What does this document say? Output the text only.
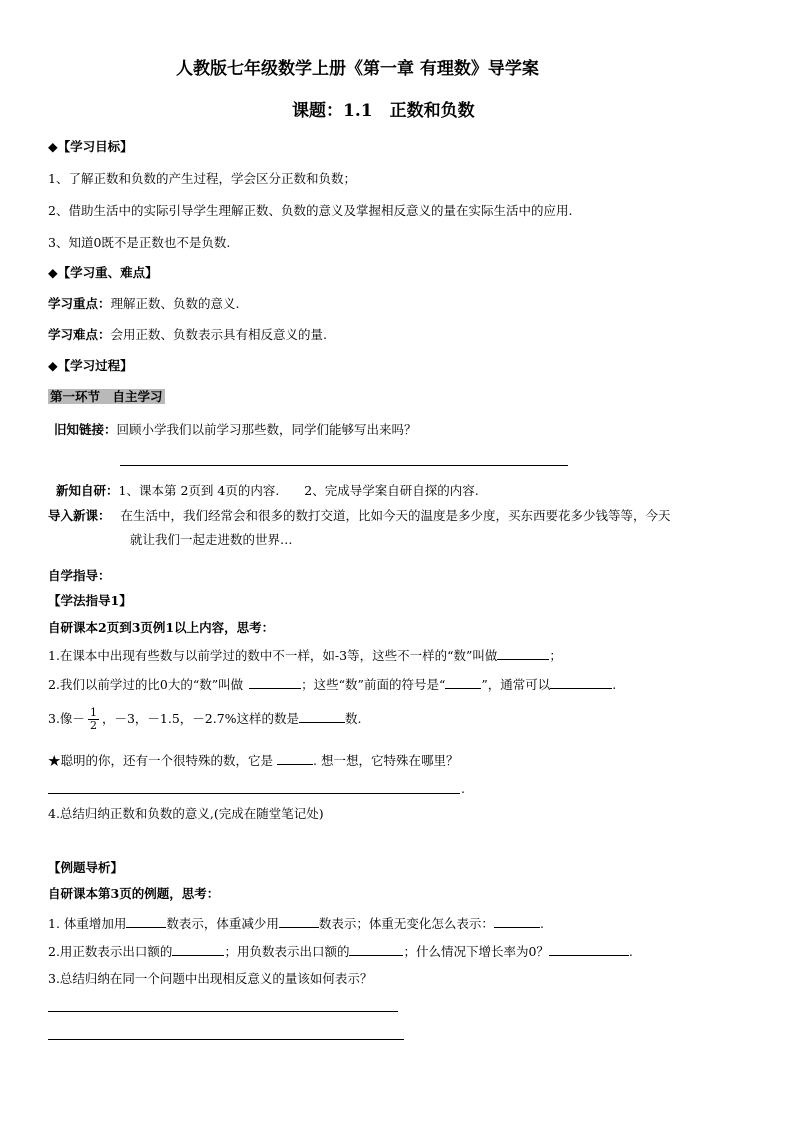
人教版七年级数学上册《第一章 有理数》导学案
课题：1.1　正数和负数
◆【学习目标】
1、了解正数和负数的产生过程，学会区分正数和负数；
2、借助生活中的实际引导学生理解正数、负数的意义及掌握相反意义的量在实际生活中的应用.
3、知道0既不是正数也不是负数.
◆【学习重、难点】
学习重点：理解正数、负数的意义.
学习难点：会用正数、负数表示具有相反意义的量.
◆【学习过程】
第一环节　自主学习
旧知链接：回顾小学我们以前学习那些数，同学们能够写出来吗？
新知自研：1、课本第 2页到 4页的内容.　　2、完成导学案自研自探的内容.
导入新课： 在生活中，我们经常会和很多的数打交道，比如今天的温度是多少度，买东西要花多少钱等等，今天
就让我们一起走进数的世界…
自学指导：
【学法指导1】
自研课本2页到3页例1以上内容，思考：
1.在课本中出现有些数与以前学过的数中不一样，如-3等，这些不一样的“数”叫做	；
2.我们以前学过的比0大的“数”叫做	；这些“数”前面的符号是“	”，通常可以	.
3.像－ $\frac{1}{2}$ ，－3，－1.5，－2.7%这样的数是	数.
★聪明的你，还有一个很特殊的数，它是	. 想一想，它特殊在哪里？
.
4.总结归纳正数和负数的意义,(完成在随堂笔记处)
【例题导析】
自研课本第3页的例题，思考：
1. 体重增加用	数表示，体重减少用	数表示；体重无变化怎么表示：	.
2.用正数表示出口额的	；用负数表示出口额的	；什么情况下增长率为0？	.
3.总结归纳在同一个问题中出现相反意义的量该如何表示？
